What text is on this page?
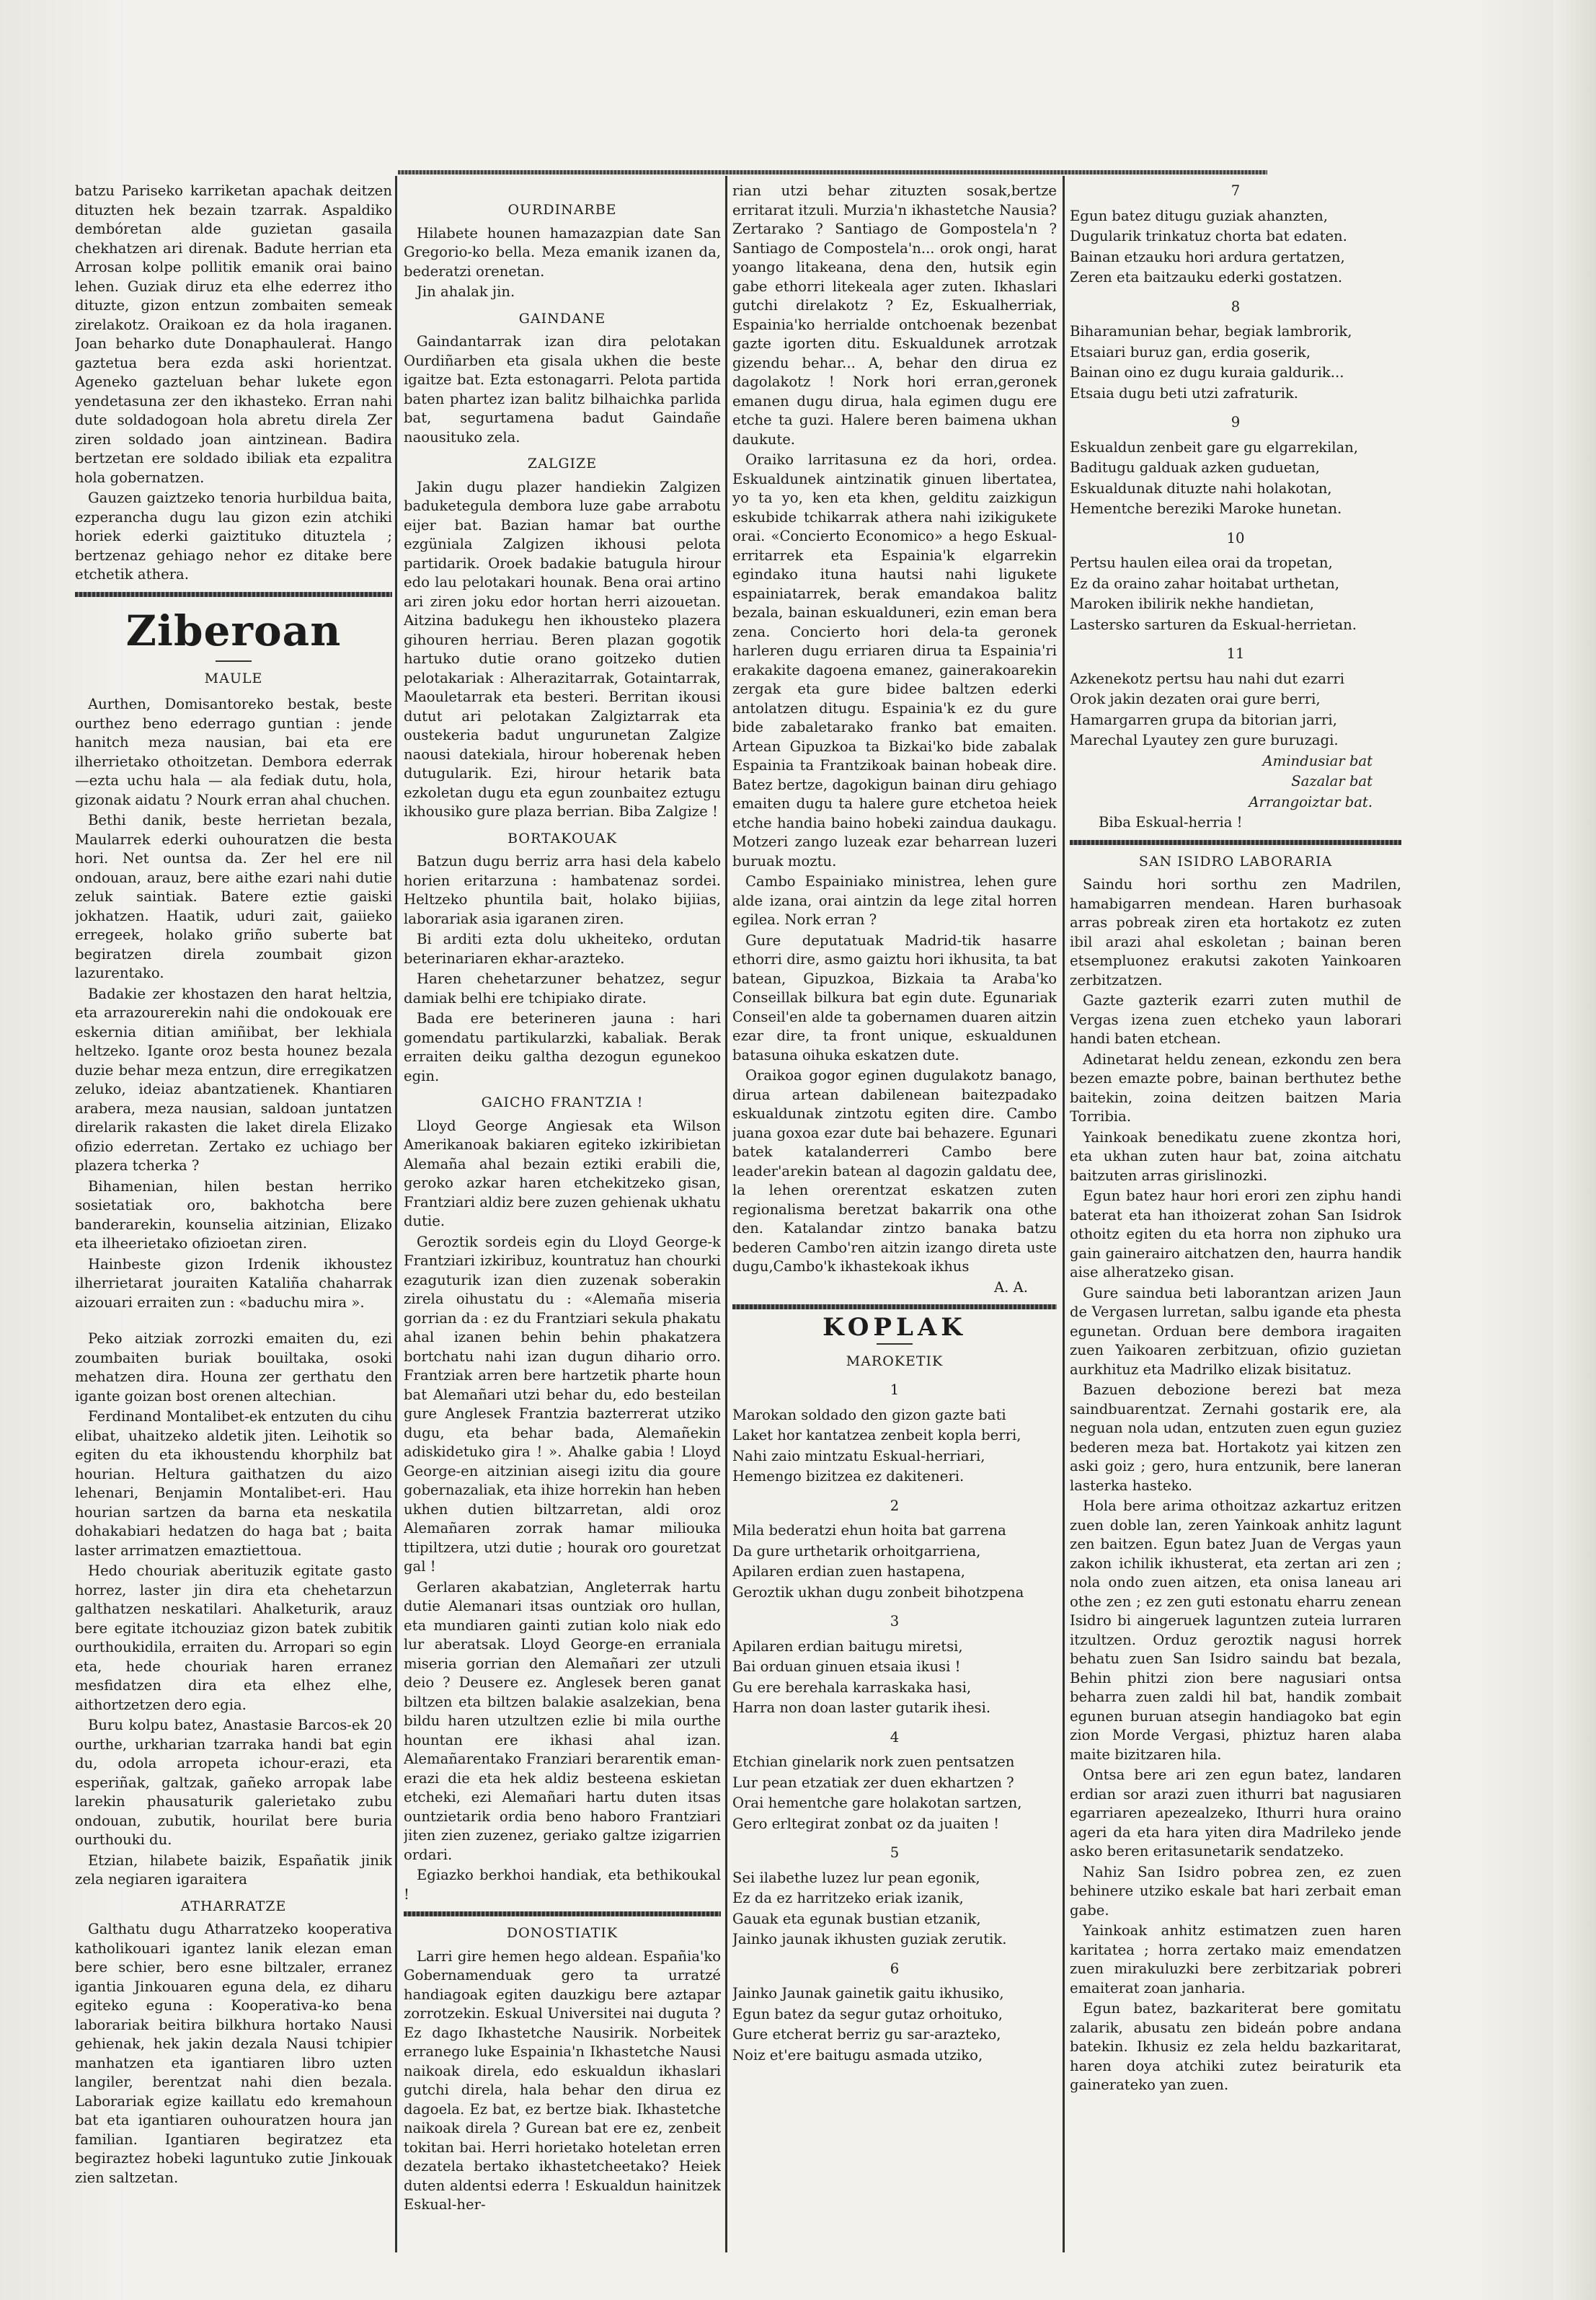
batzu Pariseko karriketan apachak deitzen dituzten hek bezain tzarrak. Aspaldiko dembóretan alde guzietan gasaila chekhatzen ari direnak. Badute herrian eta Arrosan kolpe pollitik emanik orai baino lehen. Guziak diruz eta elhe ederrez itho dituzte, gizon entzun zombaiten semeak zirelakotz. Oraikoan ez da hola iraganen. Joan beharko dute Donaphauleraṫ. Hango gaztetua bera ezda aski horientzat. Ageneko gazteluan behar lukete egon yendetasuna zer den ikhasteko. Erran nahi dute soldadogoan hola abretu direla Zer ziren soldado joan aintzinean. Badira bertzetan ere soldado ibiliak eta ezpalitra hola gobernatzen.

Gauzen gaiztzeko tenoria hurbildua baita, ezperancha dugu lau gizon ezin atchiki horiek ederki gaiztituko dituztela ; bertzenaz gehiago nehor ez ditake bere etchetik athera.

Ziberoan
MAULE

Aurthen, Domisantoreko bestak, beste ourthez beno ederrago guntian : jende hanitch meza nausian, bai eta ere ilherrietako othoitzetan. Dembora ederrak —ezta uchu hala — ala fediak dutu, hola, gizonak aidatu ? Nourk erran ahal chuchen.

Bethi danik, beste herrietan bezala, Maularrek ederki ouhouratzen die besta hori. Net ountsa da. Zer hel ere nil ondouan, arauz, bere aithe ezari nahi dutie zeluk saintiak. Batere eztie gaiski jokhatzen. Haatik, uduri zait, gaiieko erregeek, holako griño suberte bat begiratzen direla zoumbait gizon lazurentako.

Badakie zer khostazen den harat heltzia, eta arrazourerekin nahi die ondokouak ere eskernia ditian amiñibat, ber lekhiala heltzeko. Igante oroz besta hounez bezala duzie behar meza entzun, dire erregikatzen zeluko, ideiaz abantzatienek. Khantiaren arabera, meza nausian, saldoan juntatzen direlarik rakasten die laket direla Elizako ofizio ederretan. Zertako ez uchiago ber plazera tcherka ?

Bihamenian, hilen bestan herriko sosietatiak oro, bakhotcha bere banderarekin, kounselia aitzinian, Elizako eta ilheerietako ofizioetan ziren.

Hainbeste gizon Irdenik ikhoustez ilherrietarat jouraiten Kataliña chaharrak aizouari erraiten zun : «baduchu mira ».

Peko aitziak zorrozki emaiten du, ezi zoumbaiten buriak bouiltaka, osoki mehatzen dira. Houna zer gerthatu den igante goizan bost orenen altechian.

Ferdinand Montalibet-ek entzuten du cihu elibat, uhaitzeko aldetik jiten. Leihotik so egiten du eta ikhoustendu khorphilz bat hourian. Heltura gaithatzen du aizo lehenari, Benjamin Montalibet-eri. Hau hourian sartzen da barna eta neskatila dohakabiari hedatzen do haga bat ; baita laster arrimatzen emaztiettoua.

Hedo chouriak aberituzik egitate gasto horrez, laster jin dira eta chehetarzun galthatzen neskatilari. Ahalketurik, arauz bere egitate itchouziaz gizon batek zubitik ourthoukidila, erraiten du. Arropari so egin eta, hede chouriak haren erranez mesfidatzen dira eta elhez elhe, aithortzetzen dero egia.

Buru kolpu batez, Anastasie Barcos-ek 20 ourthe, urkharian tzarraka handi bat egin du, odola arropeta ichour-erazi, eta esperiñak, galtzak, gañeko arropak labe larekin phausaturik galerietako zubu ondouan, zubutik, hourilat bere buria ourthouki du.

Etzian, hilabete baizik, Españatik jinik zela negiaren igaraitera

ATHARRATZE

Galthatu dugu Atharratzeko kooperativa katholikouari igantez lanik elezan eman bere schier, bero esne biltzaler, erranez igantia Jinkouaren eguna dela, ez diharu egiteko eguna : Kooperativa-ko bena laborariak beitira bilkhura hortako Nausi gehienak, hek jakin dezala Nausi tchipier manhatzen eta igantiaren libro uzten langiler, berentzat nahi dien bezala. Laborariak egize kaillatu edo kremahoun bat eta igantiaren ouhouratzen houra jan familian. Igantiaren begiratzez eta begiraztez hobeki laguntuko zutie Jinkouak zien saltzetan.

OURDINARBE

Hilabete hounen hamazazpian date San Gregorio-ko bella. Meza emanik izanen da, bederatzi orenetan.

Jin ahalak jin.

GAINDANE

Gaindantarrak izan dira pelotakan Ourdiñarben eta gisala ukhen die beste igaitze bat. Ezta estonagarri. Pelota partida baten phartez izan balitz bilhaichka parlida bat, segurtamena badut Gaindañe naousituko zela.

ZALGIZE

Jakin dugu plazer handiekin Zalgizen baduketegula dembora luze gabe arrabotu eijer bat. Bazian hamar bat ourthe ezgüniala Zalgizen ikhousi pelota partidarik. Oroek badakie batugula hirour edo lau pelotakari hounak. Bena orai artino ari ziren joku edor hortan herri aizouetan. Aitzina badukegu hen ikhousteko plazera gihouren herriau. Beren plazan gogotik hartuko dutie orano goitzeko dutien pelotakariak : Alherazitarrak, Gotaintarrak, Maouletarrak eta besteri. Berritan ikousi dutut ari pelotakan Zalgiztarrak eta oustekeria badut ungurunetan Zalgize naousi datekiala, hirour hoberenak heben dutugularik. Ezi, hirour hetarik bata ezkoletan dugu eta egun zounbaitez eztugu ikhousiko gure plaza berrian. Biba Zalgize !

BORTAKOUAK

Batzun dugu berriz arra hasi dela kabelo horien eritarzuna : hambatenaz sordei. Heltzeko phuntila bait, holako bijiias, laborariak asia igaranen ziren.

Bi arditi ezta dolu ukheiteko, ordutan beterinariaren ekhar-arazteko.

Haren chehetarzuner behatzez, segur damiak belhi ere tchipiako dirate.

Bada ere beterineren jauna : hari gomendatu partikularzki, kabaliak. Berak erraiten deiku galtha dezogun egunekoo egin.

GAICHO FRANTZIA !

Lloyd George Angiesak eta Wilson Amerikanoak bakiaren egiteko izkiribietan Alemaña ahal bezain eztiki erabili die, geroko azkar haren etchekitzeko gisan, Frantziari aldiz bere zuzen gehienak ukhatu dutie.

Geroztik sordeis egin du Lloyd George-k Frantziari izkiribuz, kountratuz han chourki ezaguturik izan dien zuzenak soberakin zirela oihustatu du : «Alemaña miseria gorrian da : ez du Frantziari sekula phakatu ahal izanen behin behin phakatzera bortchatu nahi izan dugun dihario orro. Frantziak arren bere hartzetik pharte houn bat Alemañari utzi behar du, edo besteilan gure Anglesek Frantzia bazterrerat utziko dugu, eta behar bada, Alemañekin adiskidetuko gira ! ». Ahalke gabia ! Lloyd George-en aitzinian aisegi izitu dia goure gobernazaliak, eta ihize horrekin han heben ukhen dutien biltzarretan, aldi oroz Alemañaren zorrak hamar miliouka ttipiltzera, utzi dutie ; hourak oro gouretzat gal !

Gerlaren akabatzian, Angleterrak hartu dutie Alemanari itsas ountziak oro hullan, eta mundiaren gainti zutian kolo niak edo lur aberatsak. Lloyd George-en erraniala miseria gorrian den Alemañari zer utzuli deio ? Deusere ez. Anglesek beren ganat biltzen eta biltzen balakie asalzekian, bena bildu haren utzultzen ezlie bi mila ourthe hountan ere ikhasi ahal izan. Alemañarentako Franziari berarentik eman-erazi die eta hek aldiz besteena eskietan etcheki, ezi Alemañari hartu duten itsas ountzietarik ordia beno haboro Frantziari jiten zien zuzenez, geriako galtze izigarrien ordari.

Egiazko berkhoi handiak, eta bethikoukal !

DONOSTIATIK

Larri gire hemen hego aldean. Españia'ko Gobernamenduak gero ta urratzé handiagoak egiten dauzkigu bere aztapar zorrotzekin. Eskual Universitei nai duguta ? Ez dago Ikhastetche Nausirik. Norbeitek erranego luke Espainia'n Ikhastetche Nausi naikoak direla, edo eskualdun ikhaslari gutchi direla, hala behar den dirua ez dagoela. Ez bat, ez bertze biak. Ikhastetche naikoak direla ? Gurean bat ere ez, zenbeit tokitan bai. Herri horietako hoteletan erren dezatela bertako ikhastetcheetako? Heiek duten aldentsi ederra ! Eskualdun hainitzek Eskual-her-

rian utzi behar zituzten sosak,bertze erritarat itzuli. Murzia'n ikhastetche Nausia? Zertarako ? Santiago de Gompostela'n ? Santiago de Compostela'n... orok ongi, harat yoango litakeana, dena den, hutsik egin gabe ethorri litekeala ager zuten. Ikhaslari gutchi direlakotz ? Ez, Eskualherriak, Espainia'ko herrialde ontchoenak bezenbat gazte igorten ditu. Eskualdunek arrotzak gizendu behar... A, behar den dirua ez dagolakotz ! Nork hori erran,geronek emanen dugu dirua, hala egimen dugu ere etche ta guzi. Halere beren baimena ukhan daukute.

Oraiko larritasuna ez da hori, ordea. Eskualdunek aintzinatik ginuen libertatea, yo ta yo, ken eta khen, gelditu zaizkigun eskubide tchikarrak athera nahi izikigukete orai. «Concierto Economico» a hego Eskual- erritarrek eta Espainia'k elgarrekin egindako ituna hautsi nahi ligukete espainiatarrek, berak emandakoa balitz bezala, bainan eskualduneri, ezin eman bera zena. Concierto hori dela-ta geronek harleren dugu erriaren dirua ta Espainia'ri erakakite dagoena emanez, gainerakoarekin zergak eta gure bidee baltzen ederki antolatzen ditugu. Espainia'k ez du gure bide zabaletarako franko bat emaiten. Artean Gipuzkoa ta Bizkai'ko bide zabalak Espainia ta Frantzikoak bainan hobeak dire. Batez bertze, dagokigun bainan diru gehiago emaiten dugu ta halere gure etchetoa heiek etche handia baino hobeki zaindua daukagu. Motzeri zango luzeak ezar beharrean luzeri buruak moztu.

Cambo Espainiako ministrea, lehen gure alde izana, orai aintzin da lege zital horren egilea. Nork erran ?

Gure deputatuak Madrid-tik hasarre ethorri dire, asmo gaiztu hori ikhusita, ta bat batean, Gipuzkoa, Bizkaia ta Araba'ko Conseillak bilkura bat egin dute. Egunariak Conseil'en alde ta gobernamen duaren aitzin ezar dire, ta front unique, eskualdunen batasuna oihuka eskatzen dute.

Oraikoa gogor eginen dugulakotz banago, dirua artean dabilenean baitezpadako eskualdunak zintzotu egiten dire. Cambo juana goxoa ezar dute bai behazere. Egunari batek katalanderreri Cambo bere leader'arekin batean al dagozin galdatu dee, la lehen orerentzat eskatzen zuten regionalisma beretzat bakarrik ona othe den. Katalandar zintzo banaka batzu bederen Cambo'ren aitzin izango direta uste dugu,Cambo'k ikhastekoak ikhus

A. A.

KOPLAK
MAROKETIK
1

Marokan soldado den gizon gazte bati

Laket hor kantatzea zenbeit kopla berri,

Nahi zaio mintzatu Eskual-herriari,

Hemengo bizitzea ez dakiteneri.

2

Mila bederatzi ehun hoita bat garrena

Da gure urthetarik orhoitgarriena,

Apilaren erdian zuen hastapena,

Geroztik ukhan dugu zonbeit bihotzpena

3

Apilaren erdian baitugu miretsi,

Bai orduan ginuen etsaia ikusi !

Gu ere berehala karraskaka hasi,

Harra non doan laster gutarik ihesi.

4

Etchian ginelarik nork zuen pentsatzen

Lur pean etzatiak zer duen ekhartzen ?

Orai hementche gare holakotan sartzen,

Gero erltegirat zonbat oz da juaiten !

5

Sei ilabethe luzez lur pean egonik,

Ez da ez harritzeko eriak izanik,

Gauak eta egunak bustian etzanik,

Jainko jaunak ikhusten guziak zerutik.

6

Jainko Jaunak gainetik gaitu ikhusiko,

Egun batez da segur gutaz orhoituko,

Gure etcherat berriz gu sar-arazteko,

Noiz et'ere baitugu asmada utziko,

7

Egun batez ditugu guziak ahanzten,

Dugularik trinkatuz chorta bat edaten.

Bainan etzauku hori ardura gertatzen,

Zeren eta baitzauku ederki gostatzen.

8

Biharamunian behar, begiak lambrorik,

Etsaiari buruz gan, erdia goserik,

Bainan oino ez dugu kuraia galdurik...

Etsaia dugu beti utzi zafraturik.

9

Eskualdun zenbeit gare gu elgarrekilan,

Baditugu galduak azken guduetan,

Eskualdunak dituzte nahi holakotan,

Hementche bereziki Maroke hunetan.

10

Pertsu haulen eilea orai da tropetan,

Ez da oraino zahar hoitabat urthetan,

Maroken ibilirik nekhe handietan,

Lastersko sarturen da Eskual-herrietan.

11

Azkenekotz pertsu hau nahi dut ezarri

Orok jakin dezaten orai gure berri,

Hamargarren grupa da bitorian jarri,

Marechal Lyautey zen gure buruzagi.

Amindusiar bat

Sazalar bat

Arrangoiztar bat.

Biba Eskual-herria !

SAN ISIDRO LABORARIA

Saindu hori sorthu zen Madrilen, hamabigarren mendean. Haren burhasoak arras pobreak ziren eta hortakotz ez zuten ibil arazi ahal eskoletan ; bainan beren etsempluonez erakutsi zakoten Yainkoaren zerbitzatzen.

Gazte gazterik ezarri zuten muthil de Vergas izena zuen etcheko yaun laborari handi baten etchean.

Adinetarat heldu zenean, ezkondu zen bera bezen emazte pobre, bainan berthutez bethe baitekin, zoina deitzen baitzen Maria Torribia.

Yainkoak benedikatu zuene zkontza hori, eta ukhan zuten haur bat, zoina aitchatu baitzuten arras girislinozki.

Egun batez haur hori erori zen ziphu handi baterat eta han ithoizerat zohan San Isidrok othoitz egiten du eta horra non ziphuko ura gain gainerairo aitchatzen den, haurra handik aise alheratzeko gisan.

Gure saindua beti laborantzan arizen Jaun de Vergasen lurretan, salbu igande eta phesta egunetan. Orduan bere dembora iragaiten zuen Yaikoaren zerbitzuan, ofizio guzietan aurkhituz eta Madrilko elizak bisitatuz.

Bazuen debozione berezi bat meza saindbuarentzat. Zernahi gostarik ere, ala neguan nola udan, entzuten zuen egun guziez bederen meza bat. Hortakotz yai kitzen zen aski goiz ; gero, hura entzunik, bere laneran lasterka hasteko.

Hola bere arima othoitzaz azkartuz eritzen zuen doble lan, zeren Yainkoak anhitz lagunt zen baitzen. Egun batez Juan de Vergas yaun zakon ichilik ikhusterat, eta zertan ari zen ; nola ondo zuen aitzen, eta onisa laneau ari othe zen ; ez zen guti estonatu eharru zenean Isidro bi aingeruek laguntzen zuteia lurraren itzultzen. Orduz geroztik nagusi horrek behatu zuen San Isidro saindu bat bezala, Behin phitzi zion bere nagusiari ontsa beharra zuen zaldi hil bat, handik zombait egunen buruan atsegin handiagoko bat egin zion Morde Vergasi, phiztuz haren alaba maite bizitzaren hila.

Ontsa bere ari zen egun batez, landaren erdian sor arazi zuen ithurri bat nagusiaren egarriaren apezealzeko, Ithurri hura oraino ageri da eta hara yiten dira Madrileko jende asko beren eritasunetarik sendatzeko.

Nahiz San Isidro pobrea zen, ez zuen behinere utziko eskale bat hari zerbait eman gabe.

Yainkoak anhitz estimatzen zuen haren karitatea ; horra zertako maiz emendatzen zuen mirakuluzki bere zerbitzariak pobreri emaiterat zoan janharia.

Egun batez, bazkariterat bere gomitatu zalarik, abusatu zen bideán pobre andana batekin. Ikhusiz ez zela heldu bazkaritarat, haren doya atchiki zutez beiraturik eta gainerateko yan zuen.
